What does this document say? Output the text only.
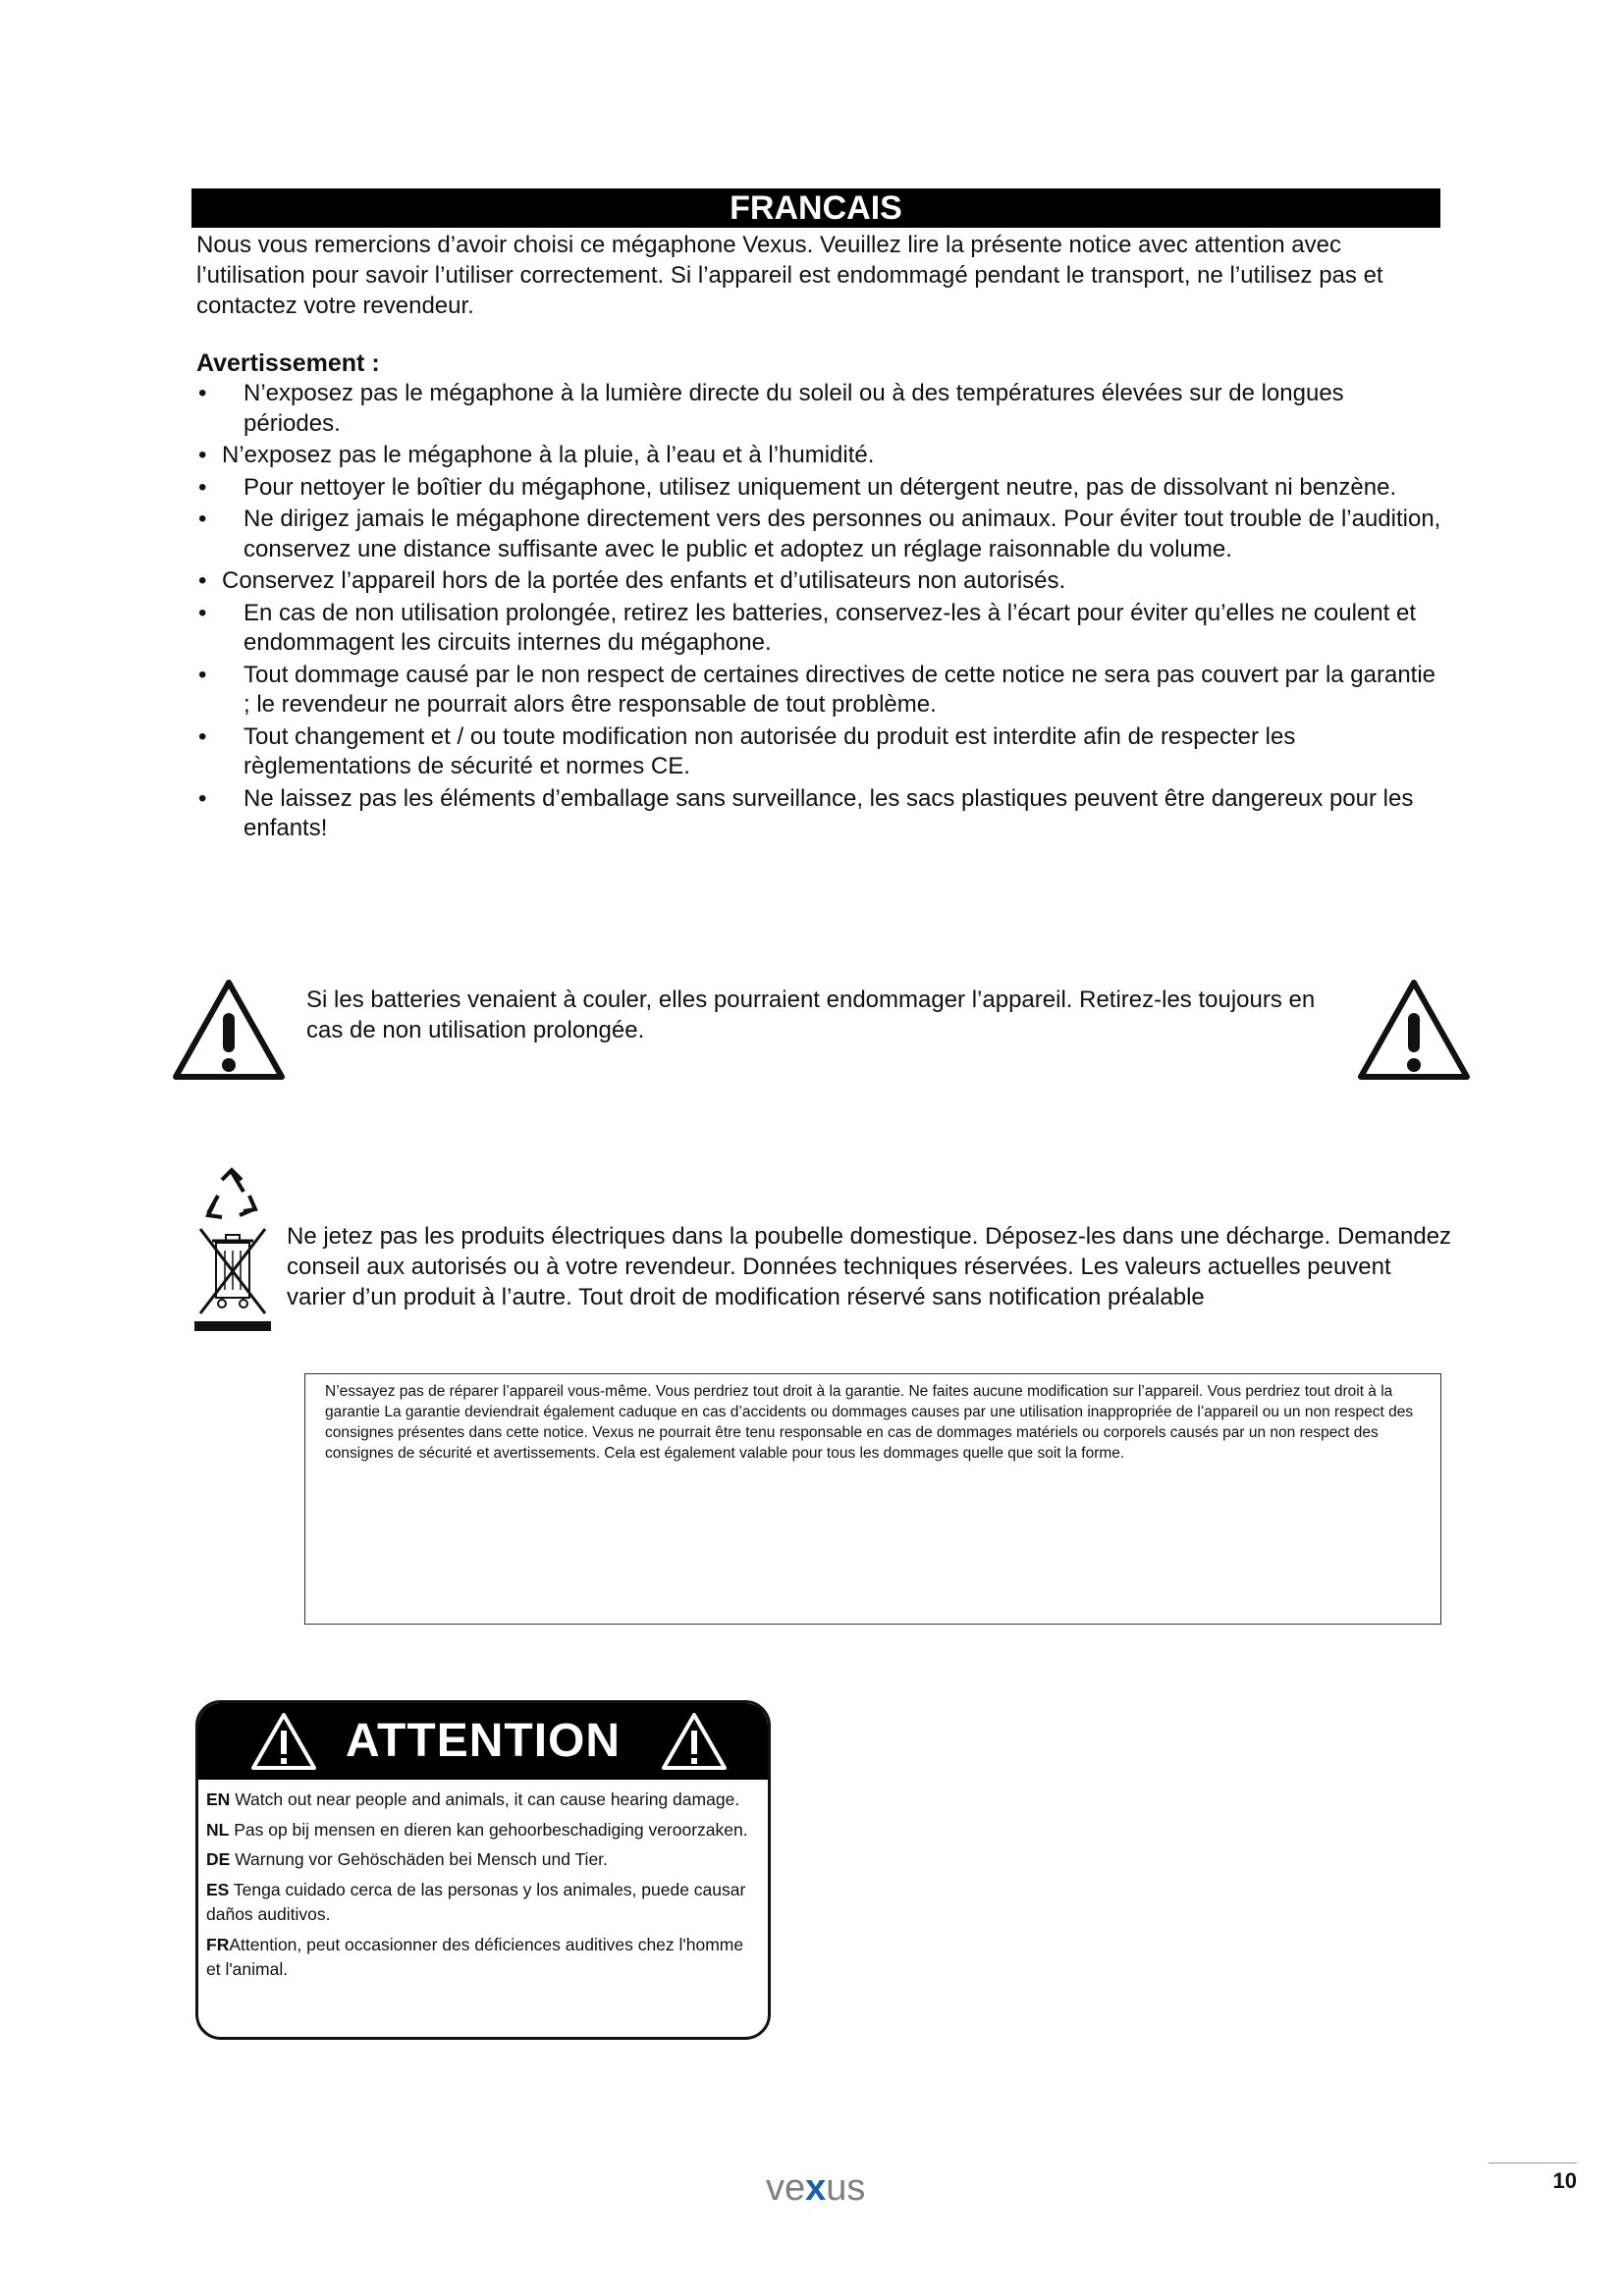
FRANCAIS
Nous vous remercions d’avoir choisi ce mégaphone Vexus. Veuillez lire la présente notice avec attention avec l’utilisation pour savoir l’utiliser correctement. Si l’appareil est endommagé pendant le transport, ne l’utilisez pas et contactez votre revendeur.
Avertissement :
•	N’exposez pas le mégaphone à la lumière directe du soleil ou à des températures élevées sur de longues périodes.
• N’exposez pas le mégaphone à la pluie, à l’eau et à l’humidité.
•	Pour nettoyer le boîtier du mégaphone, utilisez uniquement un détergent neutre, pas de dissolvant ni benzène.
•	Ne dirigez jamais le mégaphone directement vers des personnes ou animaux. Pour éviter tout trouble de l’audition, conservez une distance suffisante avec le public et adoptez un réglage raisonnable du volume.
• Conservez l’appareil hors de la portée des enfants et d’utilisateurs non autorisés.
•	En cas de non utilisation prolongée, retirez les batteries, conservez-les à l’écart pour éviter qu’elles ne coulent et endommagent les circuits internes du mégaphone.
•	Tout dommage causé par le non respect de certaines directives de cette notice ne sera pas couvert par la garantie ; le revendeur ne pourrait alors être responsable de tout problème.
•	Tout changement et / ou toute modification non autorisée du produit est interdite afin de respecter les règlementations de sécurité et normes CE.
•	Ne laissez pas les éléments d’emballage sans surveillance, les sacs plastiques peuvent être dangereux pour les enfants!
Si les batteries venaient à couler, elles pourraient endommager l’appareil. Retirez-les toujours en cas de non utilisation prolongée.
Ne jetez pas les produits électriques dans la poubelle domestique. Déposez-les dans une décharge. Demandez conseil aux autorisés ou à votre revendeur. Données techniques réservées. Les valeurs actuelles peuvent varier d’un produit à l’autre. Tout droit de modification réservé sans notification préalable
N’essayez pas de réparer l’appareil vous-même. Vous perdriez tout droit à la garantie. Ne faites aucune modification sur l’appareil. Vous perdriez tout droit à la garantie La garantie deviendrait également caduque en cas d’accidents ou dommages causes par une utilisation inappropriée de l’appareil ou un non respect des consignes présentes dans cette notice. Vexus ne pourrait être tenu responsable en cas de dommages matériels ou corporels causés par un non respect des consignes de sécurité et avertissements. Cela est également valable pour tous les dommages quelle que soit la forme.
ATTENTION

EN Watch out near people and animals, it can cause hearing damage.

NL Pas op bij mensen en dieren kan gehoorbeschadiging veroorzaken.

DE Warnung vor Gehöschäden bei Mensch und Tier.

ES Tenga cuidado cerca de las personas y los animales, puede causar daños auditivos.

FRAttention, peut occasionner des déficiences auditives chez l'homme et l'animal.

vexus	10
